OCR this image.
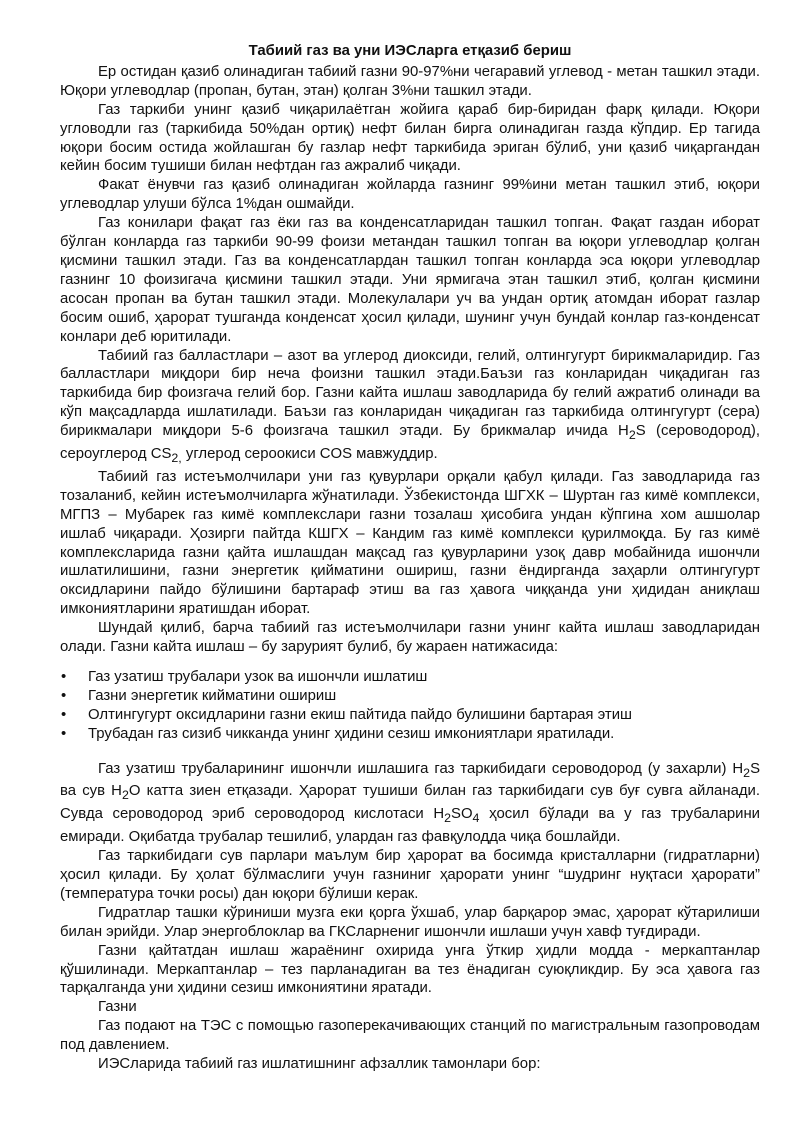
Табиий газ ва уни ИЭСларга етқазиб бериш

Ер остидан қазиб олинадиган табиий газни 90-97%ни чегаравий углевод - метан ташкил этади. Юқори углеводлар (пропан, бутан, этан) қолган 3%ни ташкил этади.

Газ таркиби унинг қазиб чиқарилаётган жойига қараб бир-биридан фарқ қилади. Юқори угловодли газ (таркибида 50%дан ортиқ) нефт билан бирга олинадиган газда кўпдир. Ер тагида юқори босим остида жойлашган бу газлар нефт таркибида эриган бўлиб, уни қазиб чиқаргандан кейин босим тушиши билан нефтдан газ ажралиб чиқади.

Факат ёнувчи газ қазиб олинадиган жойларда газнинг 99%ини метан ташкил этиб, юқори углеводлар улуши бўлса 1%дан ошмайди.

Газ конилари фақат газ ёки газ ва конденсатларидан ташкил топган. Фақат газдан иборат бўлган конларда газ таркиби 90-99 фоизи метандан ташкил топган ва юқори углеводлар қолган қисмини ташкил этади. Газ ва конденсатлардан ташкил топган конларда эса юқори углеводлар газнинг 10 фоизигача қисмини ташкил этади. Уни ярмигача этан ташкил этиб, қолган қисмини асосан пропан ва бутан ташкил этади. Молекулалари уч ва ундан ортиқ атомдан иборат газлар босим ошиб, ҳарорат тушганда конденсат ҳосил қилади, шунинг учун бундай конлар газ-конденсат конлари деб юритилади.

Табиий газ балластлари – азот ва углерод диоксиди, гелий, олтингугурт бирикмаларидир. Газ балластлари миқдори бир неча фоизни ташкил этади.Баъзи газ конларидан чиқадиган газ таркибида бир фоизгача гелий бор. Газни кайта ишлаш заводларида бу гелий ажратиб олинади ва кўп мақсадларда ишлатилади. Баъзи газ конларидан чиқадиган газ таркибида олтингугурт (сера) бирикмалари миқдори 5-6 фоизгача ташкил этади. Бу брикмалар ичида $H_2S$ (сероводород), сероуглерод $CS_{2,}$ углерод сероокиси COS мавжуддир.

Табиий газ истеъмолчилари уни газ қувурлари орқали қабул қилади. Газ заводларида газ тозаланиб, кейин истеъмолчиларга жўнатилади. Ўзбекистонда ШГХК – Шуртан газ кимё комплекси, МГПЗ – Мубарек газ кимё комплекслари газни тозалаш ҳисобига ундан кўпгина хом ашшолар ишлаб чиқаради. Ҳозирги пайтда КШГХ – Кандим газ кимё комплекси қурилмоқда. Бу газ кимё комплексларида газни қайта ишлашдан мақсад газ қувурларини узоқ давр мобайнида ишончли ишлатилишини, газни энергетик қийматини ошириш, газни ёндирганда заҳарли олтингугурт оксидларини пайдо бўлишини бартараф этиш ва газ ҳавога чиққанда уни ҳидидан аниқлаш имкониятларини яратишдан иборат.

Шундай қилиб, барча табиий газ истеъмолчилари газни унинг кайта ишлаш заводларидан олади. Газни кайта ишлаш – бу зарурият булиб, бу жараен натижасида:

• Газ узатиш трубалари узок ва ишончли ишлатиш
• Газни энергетик кийматини ошириш
• Олтингугурт оксидларини газни екиш пайтида пайдо булишини бартарая этиш
• Трубадан газ сизиб чикканда унинг ҳидини сезиш имкониятлари яратилади.

Газ узатиш трубаларининг ишончли ишлашига газ таркибидаги сероводород (у захарли) $H_2S$ ва сув $H_2O$ катта зиен етқазади. Ҳарорат тушиши билан газ таркибидаги сув буғ сувга айланади. Сувда сероводород эриб сероводород кислотаси $H_2SO_4$ ҳосил бўлади ва у газ трубаларини емиради. Оқибатда трубалар тешилиб, улардан газ фавқулодда чиқа бошлайди.

Газ таркибидаги сув парлари маълум бир ҳарорат ва босимда кристалларни (гидратларни) ҳосил қилади. Бу ҳолат бўлмаслиги учун газниниг ҳарорати унинг “шудринг нуқтаси ҳарорати” (температура точки росы) дан юқори бўлиши керак.

Гидратлар ташки кўриниши музга еки қорга ўхшаб, улар барқарор эмас, ҳарорат кўтарилиши билан эрийди. Улар энергоблоклар ва ГКСларнениг ишончли ишлаши учун хавф туғдиради.

Газни қайтатдан ишлаш жараёнинг охирида унга ўткир ҳидли модда - меркаптанлар қўшилинади. Меркаптанлар – тез парланадиган ва тез ёнадиган суюқликдир. Бу эса ҳавога газ тарқалганда уни ҳидини сезиш имкониятини яратади.

Газни

Газ подают на ТЭС с помощью газоперекачивающих станций по магистральным газопроводам под давлением.

ИЭСларида табиий газ ишлатишнинг афзаллик тамонлари бор:
